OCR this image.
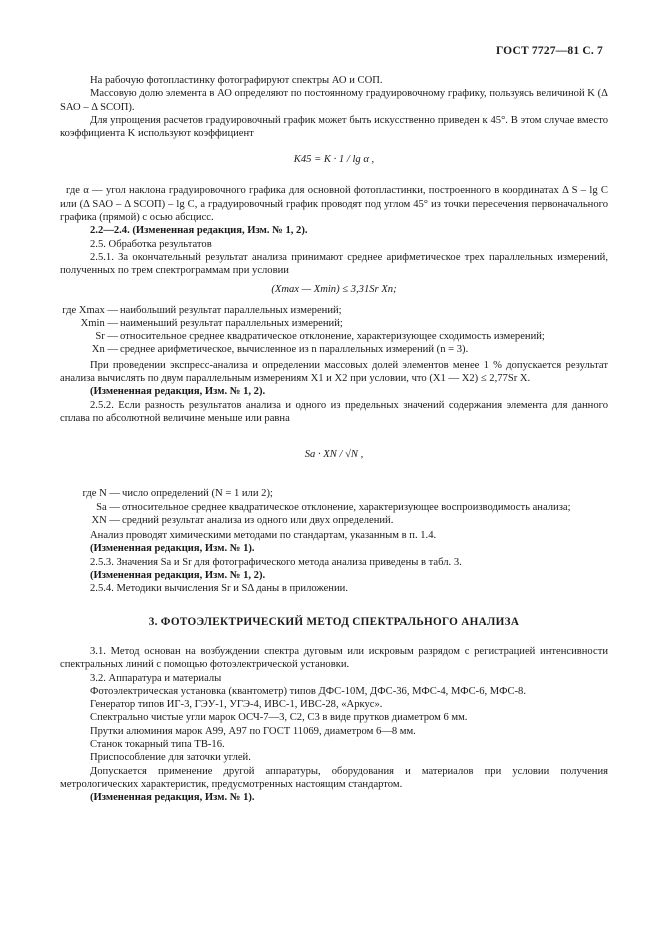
ГОСТ 7727—81 С. 7

На рабочую фотопластинку фотографируют спектры АО и СОП.

Массовую долю элемента в АО определяют по постоянному градуировочному графику, пользуясь величиной K (Δ SАО – Δ SСОП).

Для упрощения расчетов градуировочный график может быть искусственно приведен к 45°. В этом случае вместо коэффициента K используют коэффициент

K45 = K · 1 / lg α ,

где α — угол наклона градуировочного графика для основной фотопластинки, построенного в координатах Δ S – lg C или (Δ SАО – Δ SСОП) – lg C, а градуировочный график проводят под углом 45° из точки пересечения первоначального графика (прямой) с осью абсцисс.

2.2—2.4. (Измененная редакция, Изм. № 1, 2).

2.5. Обработка результатов

2.5.1. За окончательный результат анализа принимают среднее арифметическое трех параллельных измерений, полученных по трем спектрограммам при условии

(Xmax — Xmin) ≤ 3,31Sr Xn;
где Xmax — наибольший результат параллельных измерений;
Xmin — наименьший результат параллельных измерений;
Sr — относительное среднее квадратическое отклонение, характеризующее сходимость измерений;
Xn — среднее арифметическое, вычисленное из n параллельных измерений (n = 3).

При проведении экспресс-анализа и определении массовых долей элементов менее 1 % допускается результат анализа вычислять по двум параллельным измерениям X1 и X2 при условии, что (X1 — X2) ≤ 2,77Sr X.

(Измененная редакция, Изм. № 1, 2).

2.5.2. Если разность результатов анализа и одного из предельных значений содержания элемента для данного сплава по абсолютной величине меньше или равна

Sa · XN / √N ,
где N — число определений (N = 1 или 2);
Sa — относительное среднее квадратическое отклонение, характеризующее воспроизводимость анализа;
XN — средний результат анализа из одного или двух определений.

Анализ проводят химическими методами по стандартам, указанным в п. 1.4.

(Измененная редакция, Изм. № 1).

2.5.3. Значения Sa и Sr для фотографического метода анализа приведены в табл. 3.

(Измененная редакция, Изм. № 1, 2).

2.5.4. Методики вычисления Sr и SΔ даны в приложении.

3. ФОТОЭЛЕКТРИЧЕСКИЙ МЕТОД СПЕКТРАЛЬНОГО АНАЛИЗА

3.1. Метод основан на возбуждении спектра дуговым или искровым разрядом с регистрацией интенсивности спектральных линий с помощью фотоэлектрической установки.

3.2. Аппаратура и материалы

Фотоэлектрическая установка (квантометр) типов ДФС-10М, ДФС-36, МФС-4, МФС-6, МФС-8.

Генератор типов ИГ-3, ГЭУ-1, УГЭ-4, ИВС-1, ИВС-28, «Аркус».

Спектрально чистые угли марок ОСЧ-7—3, С2, С3 в виде прутков диаметром 6 мм.

Прутки алюминия марок А99, А97 по ГОСТ 11069, диаметром 6—8 мм.

Станок токарный типа ТВ-16.

Приспособление для заточки углей.

Допускается применение другой аппаратуры, оборудования и материалов при условии получения метрологических характеристик, предусмотренных настоящим стандартом.

(Измененная редакция, Изм. № 1).
